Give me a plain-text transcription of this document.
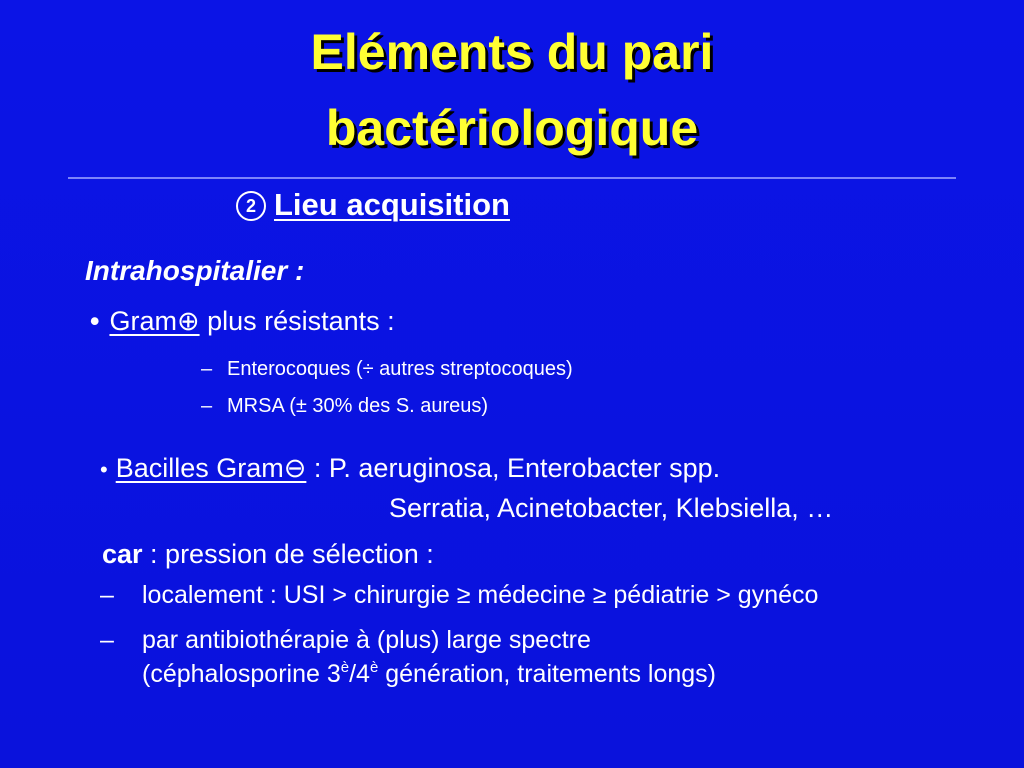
Eléments du pari
bactériologique
2 Lieu acquisition
Intrahospitalier :
• Gram⊕ plus résistants :
– Enterocoques (÷ autres streptocoques)
– MRSA (± 30% des S. aureus)
• Bacilles Gram⊖ : P. aeruginosa, Enterobacter spp.
Serratia, Acinetobacter, Klebsiella, …
car : pression de sélection :
– localement : USI > chirurgie ≥ médecine ≥ pédiatrie > gynéco
– par antibiothérapie à (plus) large spectre
(céphalosporine $3^è/4^è$ génération, traitements longs)
